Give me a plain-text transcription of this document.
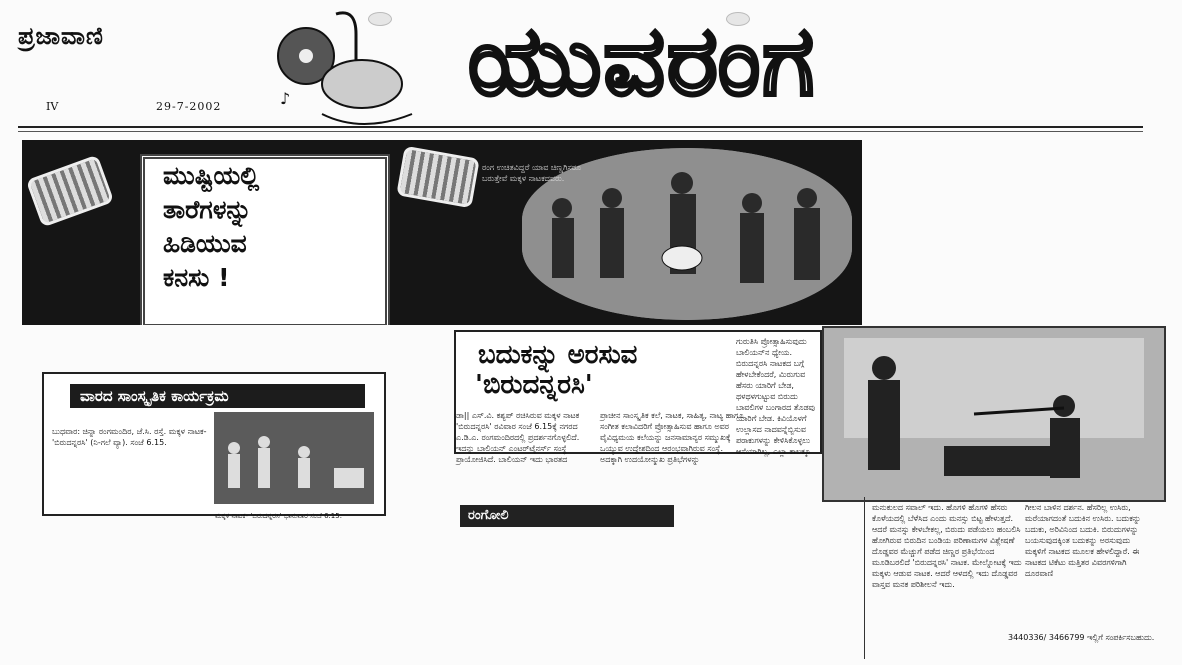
ಪ್ರಜಾವಾಣಿ
♪
IV	29-7-2002	ಯುವರಂಗ
ಮುಷ್ಟಿಯಲ್ಲಿ
ತಾರೆಗಳನ್ನು
ಹಿಡಿಯುವ
ಕನಸು !
ರಂಗ ಉಚಿತವಿದ್ದರೆ ಯಾವ ಚಿಣ್ಣಗಿಸರೂ ಬರುತ್ತೇವೆ ಮಕ್ಕಳ ನಾಟಕದವರು.
ವಾರದ ಸಾಂಸ್ಕೃತಿಕ ಕಾರ್ಯಕ್ರಮ
ಬುಧವಾರ: ಚಿನ್ನಾ ರಂಗಮಂದಿರ, ಜೆ.ಸಿ. ರಸ್ತೆ. ಮಕ್ಕಳ ನಾಟಕ- 'ಬಿರುದನ್ನರಸಿ' (ನಿ-ಗಲೆ ವ್ಯಾ). ಸಂಜೆ 6.15.
ಮಕ್ಕಳ ನಾಟಕ- 'ಬಿರುದನ್ನರಸಿ' ಭಾನುವಾರ ಸಂಜೆ 6.15.
ಬದುಕನ್ನು ಅರಸುವ
'ಬಿರುದನ್ನರಸಿ'
ಡಾ|| ಎಸ್.ವಿ. ಕಶ್ಯಪ್ ರಚಿಸಿರುವ ಮಕ್ಕಳ ನಾಟಕ 'ಬಿರುದನ್ನರಸಿ' ರವಿವಾರ ಸಂಜೆ 6.15ಕ್ಕೆ ನಗರದ ಎ.ಡಿ.ಎ. ರಂಗಮಂದಿರದಲ್ಲಿ ಪ್ರದರ್ಶನಗೊಳ್ಳಲಿದೆ. ಇದನ್ನು ಬಾಲಿಯನ್ ಎಂಟರ್‌ಟೈನರ್ಸ್ ಸಂಸ್ಥೆ ಪ್ರಾಯೋಜಿಸಿದೆ. ಬಾಲಿಯನ್ ಇದು ಭಾರತದ
ಪ್ರಾಚೀನ ಸಾಂಸ್ಕೃತಿಕ ಕಲೆ, ನಾಟಕ, ಸಾಹಿತ್ಯ, ನಾಟ್ಯ ಹಾಗೂ ಸಂಗೀತ ಕಲಾವಿದರಿಗೆ ಪ್ರೋತ್ಸಾಹಿಸುವ ಹಾಗೂ ಅವರ ವೈವಿಧ್ಯಮಯ ಕಲೆಯನ್ನು ಜನಸಾಮಾನ್ಯರ ಸಮ್ಮುಖಕ್ಕೆ ಒಯ್ಯುವ ಉದ್ದೇಶದಿಂದ ಆರಂಭವಾಗಿರುವ ಸಂಸ್ಥೆ. ಅದಕ್ಕಾಗಿ ಉದಯೋನ್ಮುಖ ಪ್ರತಿಭೆಗಳನ್ನು
ಗುರುತಿಸಿ ಪ್ರೋತ್ಸಾಹಿಸುವುದು ಬಾಲಿಯನ್‌ನ ಧ್ಯೇಯ. ಬಿರುದನ್ನರಸಿ ನಾಟಕದ ಬಗ್ಗೆ ಹೇಳಬೇಕೆಂದರೆ, ಮಿರುಗುವ ಹೆಸರು ಯಾರಿಗೆ ಬೇಡ, ಥಳಥಳಗುಟ್ಟುವ ಬಿರುದು ಬಾವಲಿಗಳ ಬಂಗಾರದ ತೊಡವು ಯಾರಿಗೆ ಬೇಡ. ಕಿವಿಯೊಳಗೆ ಉಲ್ಲಾಸದ ನಾದವನ್ನೆಬ್ಬಿಸುವ ಪರಾಕುಗಳನ್ನು ಕೇಳಿಸಿಕೊಳ್ಳಲು ಆಸೆಯಾಗಿಲ್ಲ, ಎಲ್ಲಾ ಕಾಲಕ್ಕೂ
ರಂಗೋಲಿ
ಮನುಕುಲದ ಸವಾಲ್ ಇದು. ಹೊಗಳಿ ಹೊಗಳಿ ಹೆಸರು ಕೊಳೆಯದಲ್ಲಿ ಬೆಳೆಸಿದ ಎಂದು ಮನಸ್ಸು ಬಿಟ್ಟ ಹೇಳುತ್ತದೆ. ಆದರೆ ಮನಸ್ಸು ಕೇಳಬೇಕಲ್ಲ, ಬಿರುದು ಪಡೆಯಲು ಹಂಬಲಿಸಿ ಹೋಗಿರುವ ಬಿರುದಿನ ಬಂಡಿಯ ಪರಿಣಾಮಗಳ ವಿಶ್ಲೇಷಣೆ ದೊಡ್ಡವರ ಮೆಚ್ಚುಗೆ ಪಡೆದ ಚಿಣ್ಣರ ಪ್ರತಿಭೆಯಿಂದ ಮೂಡಿಬರಲಿದೆ 'ಬಿರುದನ್ನರಸಿ' ನಾಟಕ. ಮೇಲ್ನೋಟಕ್ಕೆ ಇದು ಮಕ್ಕಳು ಆಡುವ ನಾಟಕ. ಆದರೆ ಆಳದಲ್ಲಿ ಇದು ದೊಡ್ಡವರ ವಾಸ್ತವ ಮನಕ ಪರಿಶೀಲನೆ ಇದು.
ಗೀಲನ ಬಾಳಿನ ದರ್ಶನ. ಹೆಸರಿಲ್ಲ ಉಸಿರು, ಮರೆಯಾಗದಂತೆ ಬದುಕಿನ ಉಸಿರು. ಬದುಕನ್ನು ಬದುಕು, ಅರಿವಿನಿಂದ ಬದುಕಿ. ಬಿರುದುಗಳನ್ನು ಬಯಸುವುದಕ್ಕಿಂತ ಬದುಕನ್ನು ಅರಸುವುದು ಮಕ್ಕಳಿಗೆ ನಾಟಕದ ಮೂಲಕ ಹೇಳಲಿದ್ದಾರೆ. ಈ ನಾಟಕದ ಟಿಕೆಟು ಮತ್ತಿತರ ವಿವರಗಳಿಗಾಗಿ ದೂರವಾಣಿ
3440336/ 3466799 ಇಲ್ಲಿಗೆ ಸಂಪರ್ಕಿಸಬಹುದು.
